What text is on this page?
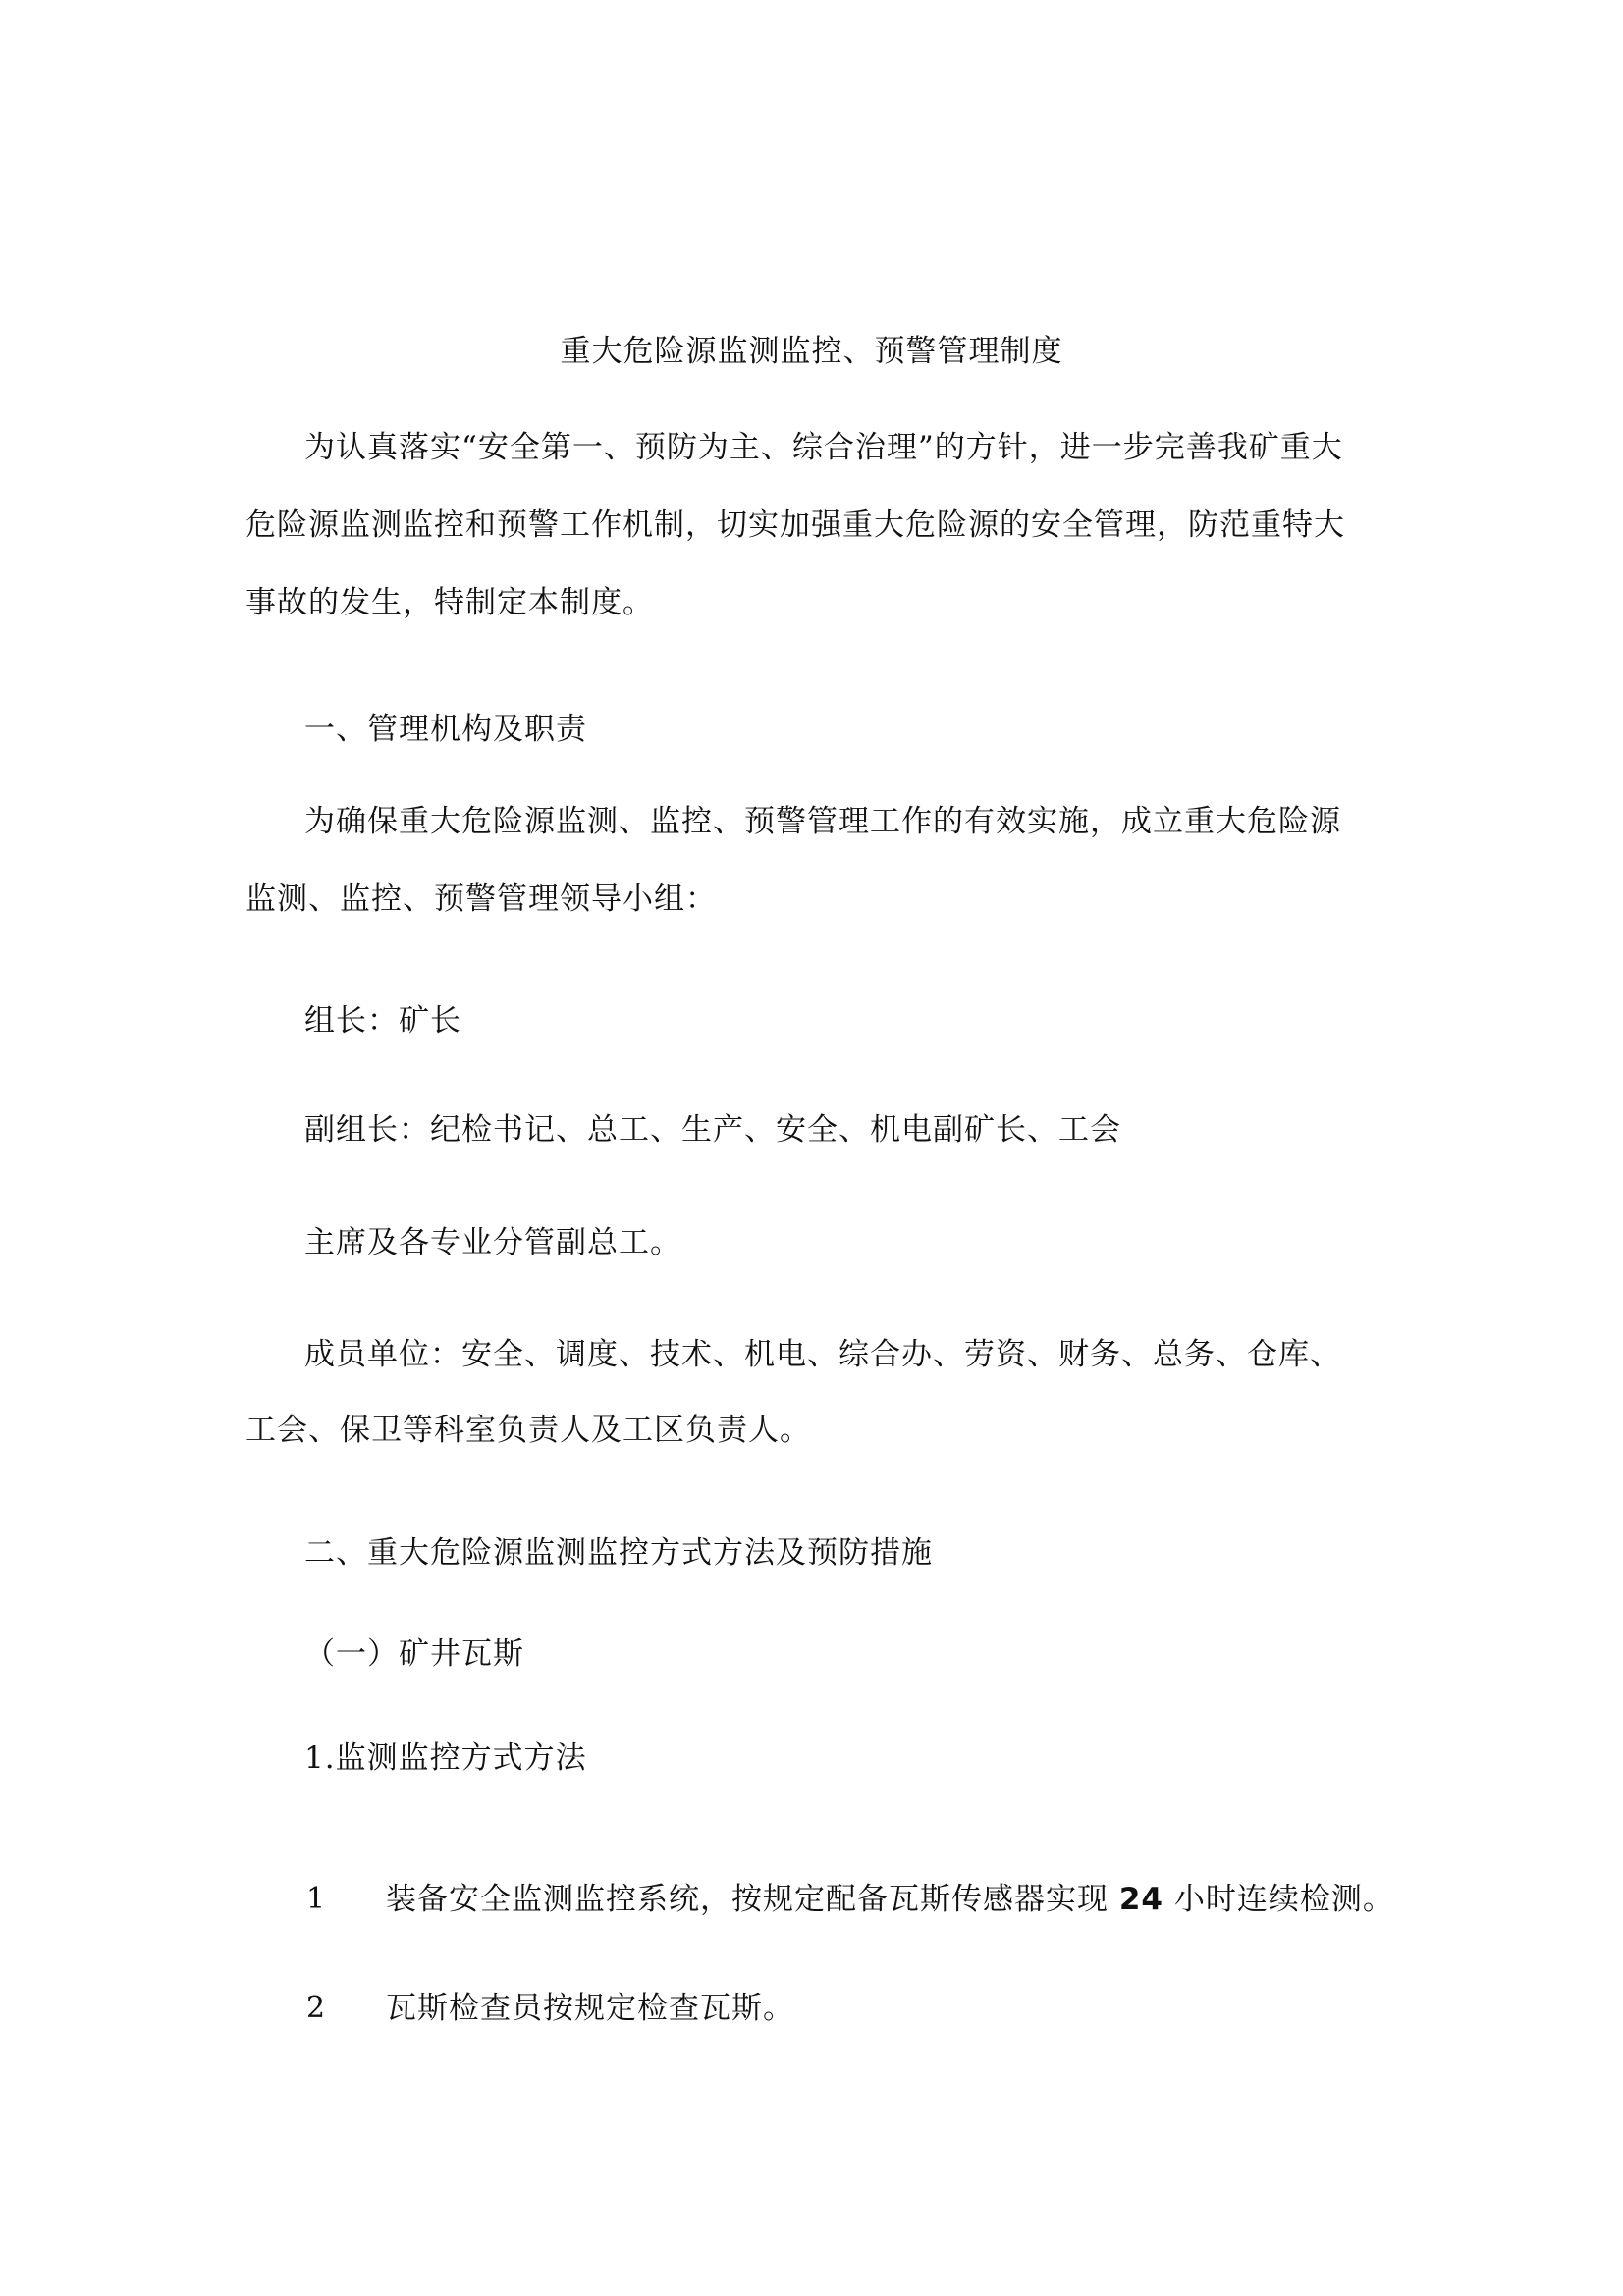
重大危险源监测监控、预警管理制度
为认真落实“安全第一、预防为主、综合治理”的方针，进一步完善我矿重大
危险源监测监控和预警工作机制，切实加强重大危险源的安全管理，防范重特大
事故的发生，特制定本制度。
一、管理机构及职责
为确保重大危险源监测、监控、预警管理工作的有效实施，成立重大危险源
监测、监控、预警管理领导小组：
组长：矿长
副组长：纪检书记、总工、生产、安全、机电副矿长、工会
主席及各专业分管副总工。
成员单位：安全、调度、技术、机电、综合办、劳资、财务、总务、仓库、
工会、保卫等科室负责人及工区负责人。
二、重大危险源监测监控方式方法及预防措施
（一）矿井瓦斯
1.监测监控方式方法
1 装备安全监测监控系统，按规定配备瓦斯传感器实现 24 小时连续检测。
2 瓦斯检查员按规定检查瓦斯。
